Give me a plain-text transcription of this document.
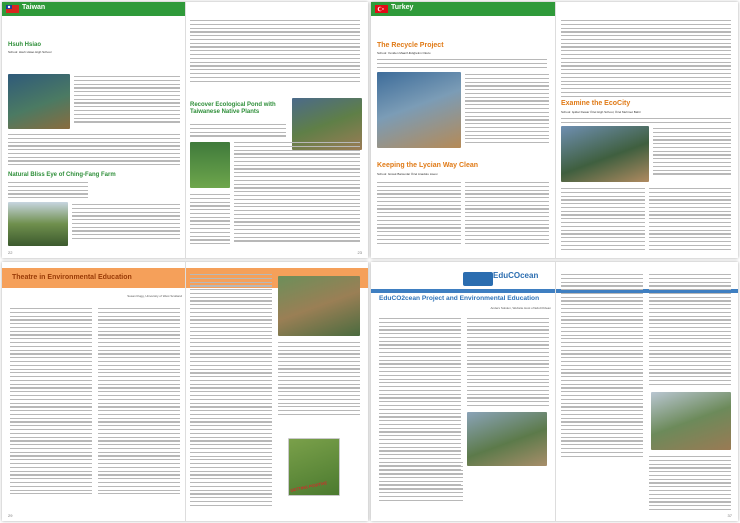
Taiwan
Hsuh Hsiao
School: Hsuh Hsiao High School
Natural Bliss Eye of Ching-Fang Farm
Recover Ecological Pond with Taiwanese Native Plants
22	23
Turkey
The Recycle Project
School: Yeniden Maarif-Ilköğretim Okulu
Keeping the Lycian Way Clean
School: Göcek Barsunlar Özel Anadolu Lisesi
Examine the EcoCity
School: Işıklar Dewar Özel High School, Özel Mehmet Bahir
Theatre in Environmental Education
Susan Rugg, University of West Scotland
GETTING POSITIVE
29
EduCOcean
EduCO2cean Project and Environmental Education
Anders Solstun, Website Host of EduCO2ean
37
